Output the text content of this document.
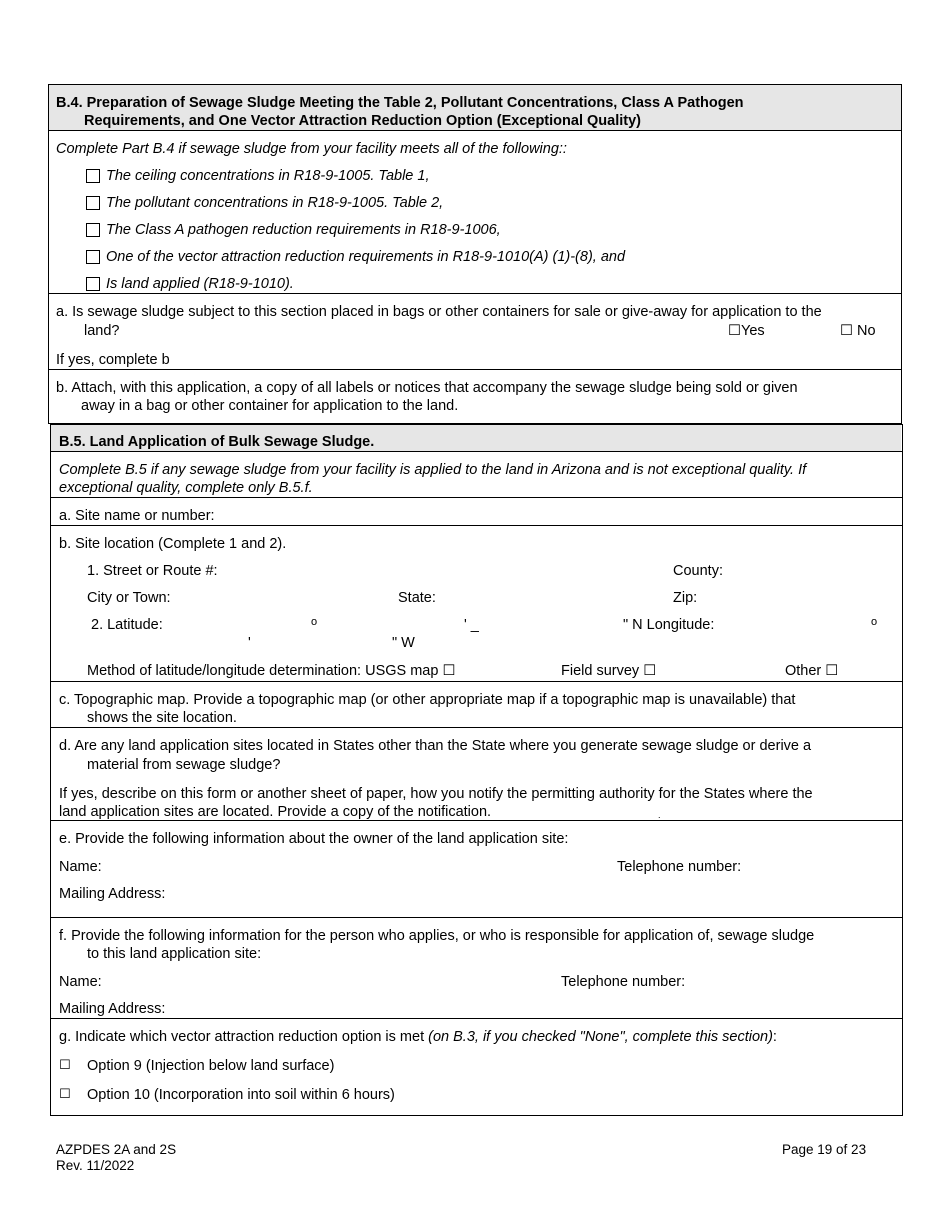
B.4. Preparation of Sewage Sludge Meeting the Table 2, Pollutant Concentrations, Class A Pathogen
Requirements, and One Vector Attraction Reduction Option (Exceptional Quality)
Complete Part B.4 if sewage sludge from your facility meets all of the following::
The ceiling concentrations in R18-9-1005. Table 1,
The pollutant concentrations in R18-9-1005. Table 2,
The Class A pathogen reduction requirements in R18-9-1006,
One of the vector attraction reduction requirements in R18-9-1010(A) (1)-(8), and
Is land applied (R18-9-1010).
a. Is sewage sludge subject to this section placed in bags or other containers for sale or give-away for application to the
land?	☐Yes	☐ No
If yes, complete b
b. Attach, with this application, a copy of all labels or notices that accompany the sewage sludge being sold or given
away in a bag or other container for application to the land.
B.5. Land Application of Bulk Sewage Sludge.
Complete B.5 if any sewage sludge from your facility is applied to the land in Arizona and is not exceptional quality. If
exceptional quality, complete only B.5.f.
a. Site name or number:
b. Site location (Complete 1 and 2).
1. Street or Route #:	County:
City or Town:	State:	Zip:
2. Latitude:	o	' _	" N Longitude:	o
'	" W
Method of latitude/longitude determination: USGS map ☐	Field survey ☐	Other ☐
c. Topographic map. Provide a topographic map (or other appropriate map if a topographic map is unavailable) that
shows the site location.
d. Are any land application sites located in States other than the State where you generate sewage sludge or derive a
material from sewage sludge?
If yes, describe on this form or another sheet of paper, how you notify the permitting authority for the States where the
land application sites are located. Provide a copy of the notification.	.
e. Provide the following information about the owner of the land application site:
Name:	Telephone number:
Mailing Address:
f. Provide the following information for the person who applies, or who is responsible for application of, sewage sludge
to this land application site:
Name:	Telephone number:
Mailing Address:
g. Indicate which vector attraction reduction option is met (on B.3, if you checked "None", complete this section):
☐ Option 9 (Injection below land surface)
☐ Option 10 (Incorporation into soil within 6 hours)
AZPDES 2A and 2S
Rev. 11/2022
Page 19 of 23
